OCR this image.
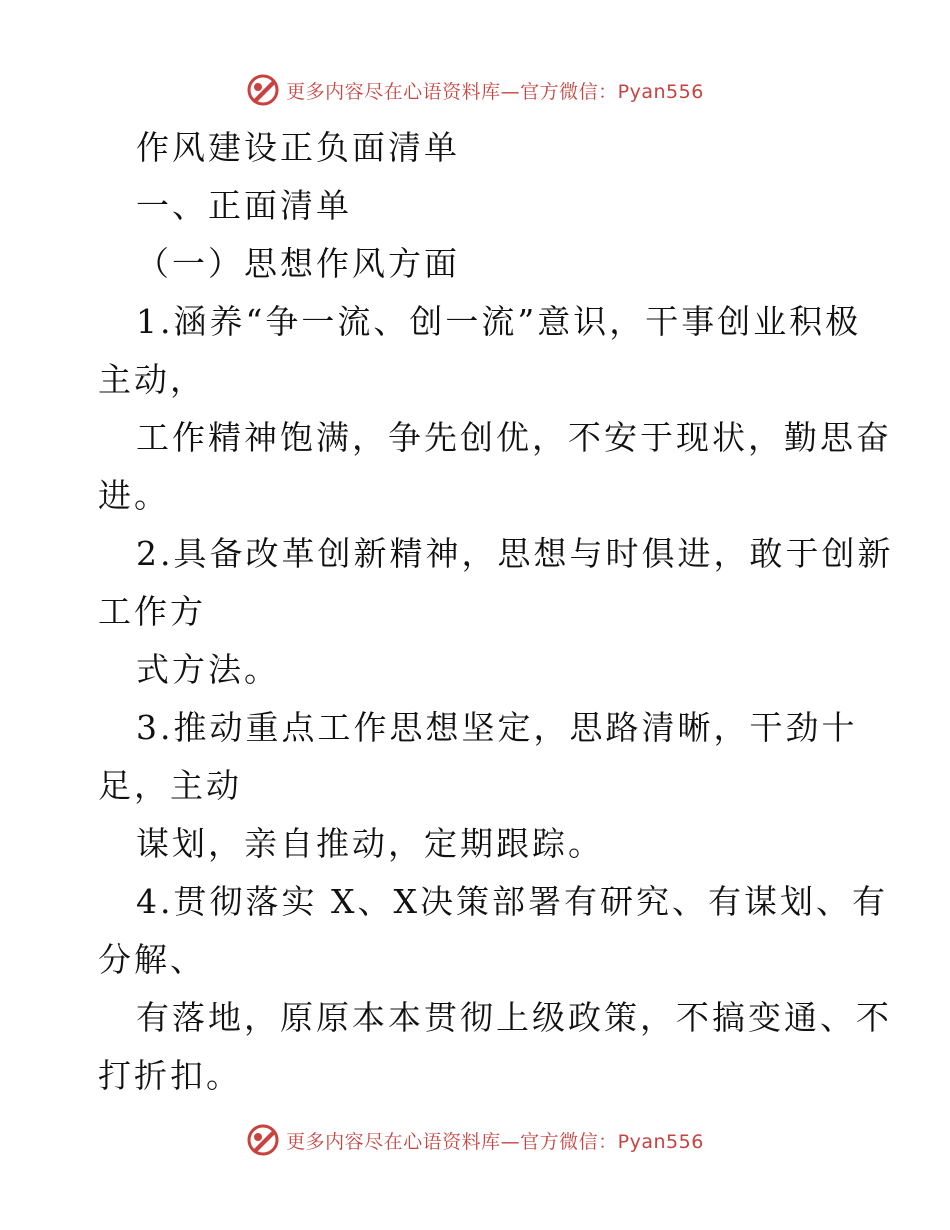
更多内容尽在心语资料库—官方微信：Pyan556
作风建设正负面清单
一、正面清单
（一）思想作风方面
1.涵养“争一流、创一流”意识，干事创业积极
主动，
工作精神饱满，争先创优，不安于现状，勤思奋
进。
2.具备改革创新精神，思想与时俱进，敢于创新
工作方
式方法。
3.推动重点工作思想坚定，思路清晰，干劲十
足，主动
谋划，亲自推动，定期跟踪。
4.贯彻落实 X、X决策部署有研究、有谋划、有
分解、
有落地，原原本本贯彻上级政策，不搞变通、不
打折扣。
更多内容尽在心语资料库—官方微信：Pyan556
